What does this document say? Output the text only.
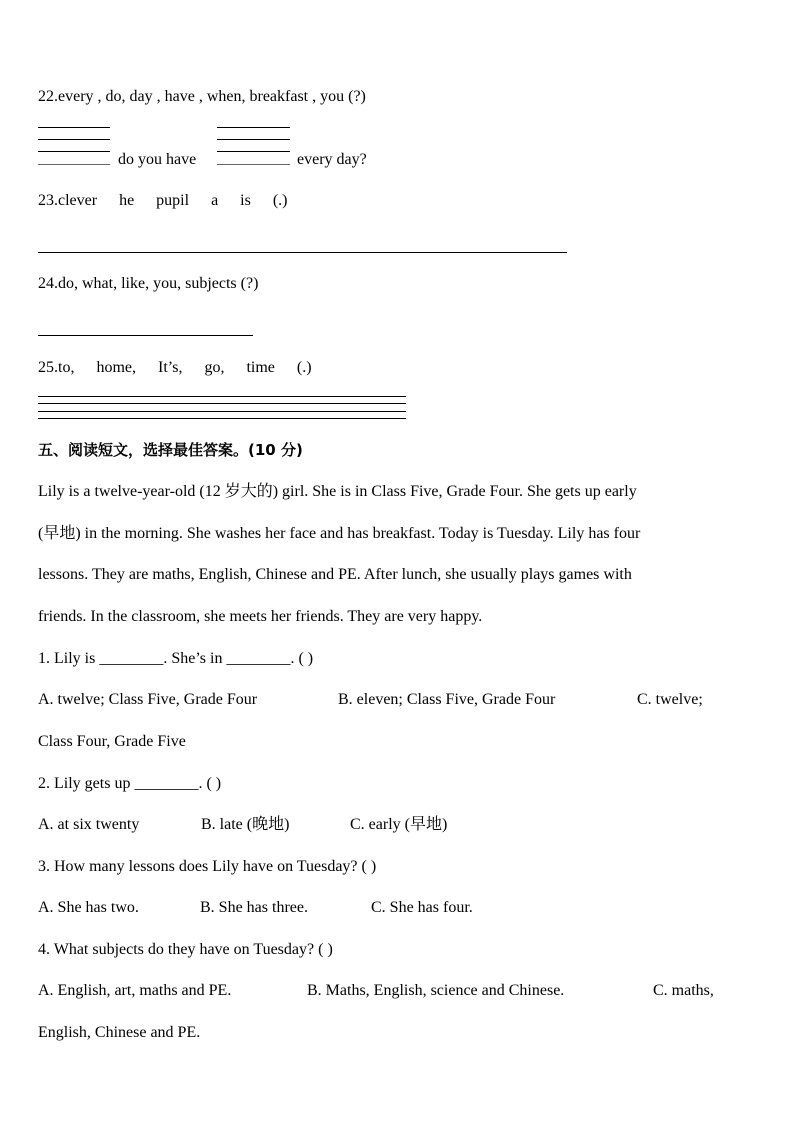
22.every , do, day , have , when, breakfast , you (?)
do you have	every day?
23.clever he pupil a is (.)
24.do, what, like, you, subjects (?)
25.to, home, It’s, go, time (.)
五、阅读短文，选择最佳答案。(10 分)
Lily is a twelve-year-old (12 岁大的) girl. She is in Class Five, Grade Four. She gets up early
(早地) in the morning. She washes her face and has breakfast. Today is Tuesday. Lily has four
lessons. They are maths, English, Chinese and PE. After lunch, she usually plays games with
friends. In the classroom, she meets her friends. They are very happy.
1. Lily is ________. She’s in ________. ( )
A. twelve; Class Five, Grade Four	B. eleven; Class Five, Grade Four	C. twelve;
Class Four, Grade Five
2. Lily gets up ________. ( )
A. at six twenty	B. late (晚地)	C. early (早地)
3. How many lessons does Lily have on Tuesday? ( )
A. She has two.	B. She has three.	C. She has four.
4. What subjects do they have on Tuesday? ( )
A. English, art, maths and PE.	B. Maths, English, science and Chinese.	C. maths,
English, Chinese and PE.
